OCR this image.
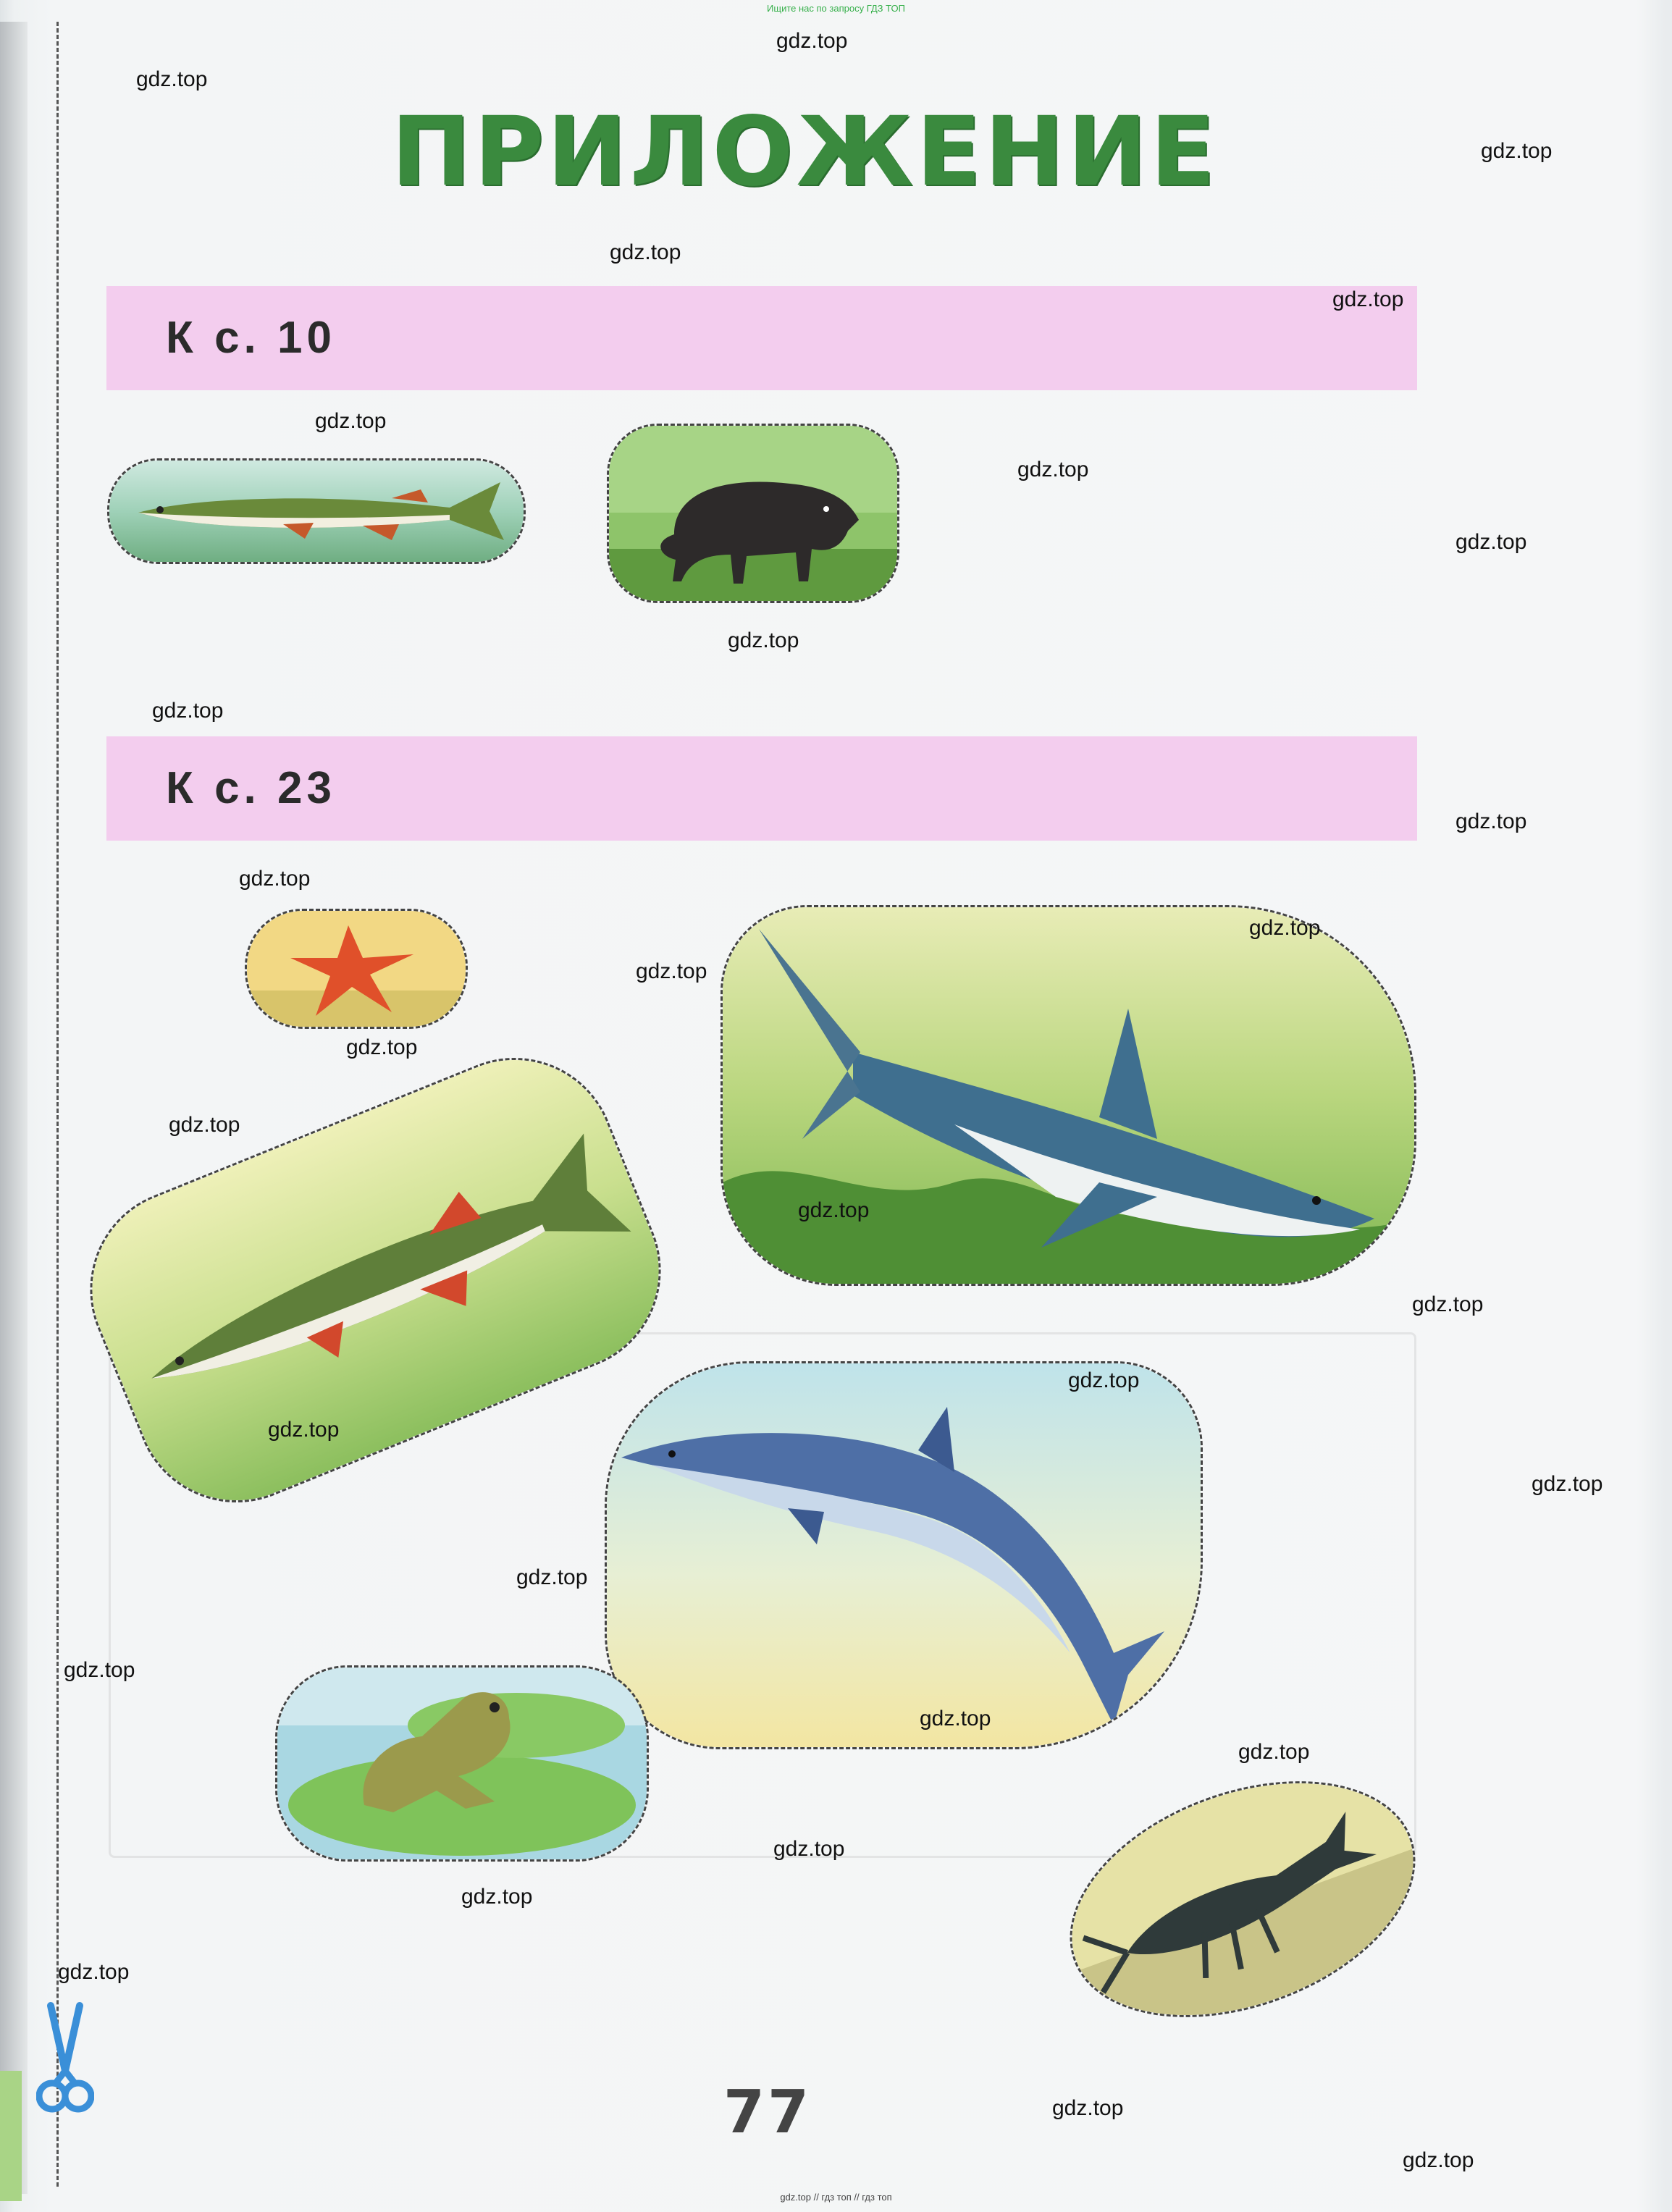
Ищите нас по запросу ГДЗ ТОП
ПРИЛОЖЕНИЕ
К с. 10
К с. 23
gdz.top
gdz.top
gdz.top
gdz.top
gdz.top
gdz.top
gdz.top
gdz.top
gdz.top
gdz.top
gdz.top
gdz.top
gdz.top
gdz.top
gdz.top
gdz.top
gdz.top
gdz.top
gdz.top
gdz.top
gdz.top
gdz.top
gdz.top
gdz.top
gdz.top
gdz.top
gdz.top
gdz.top
gdz.top
gdz.top
77
gdz.top // гдз топ // гдз топ
